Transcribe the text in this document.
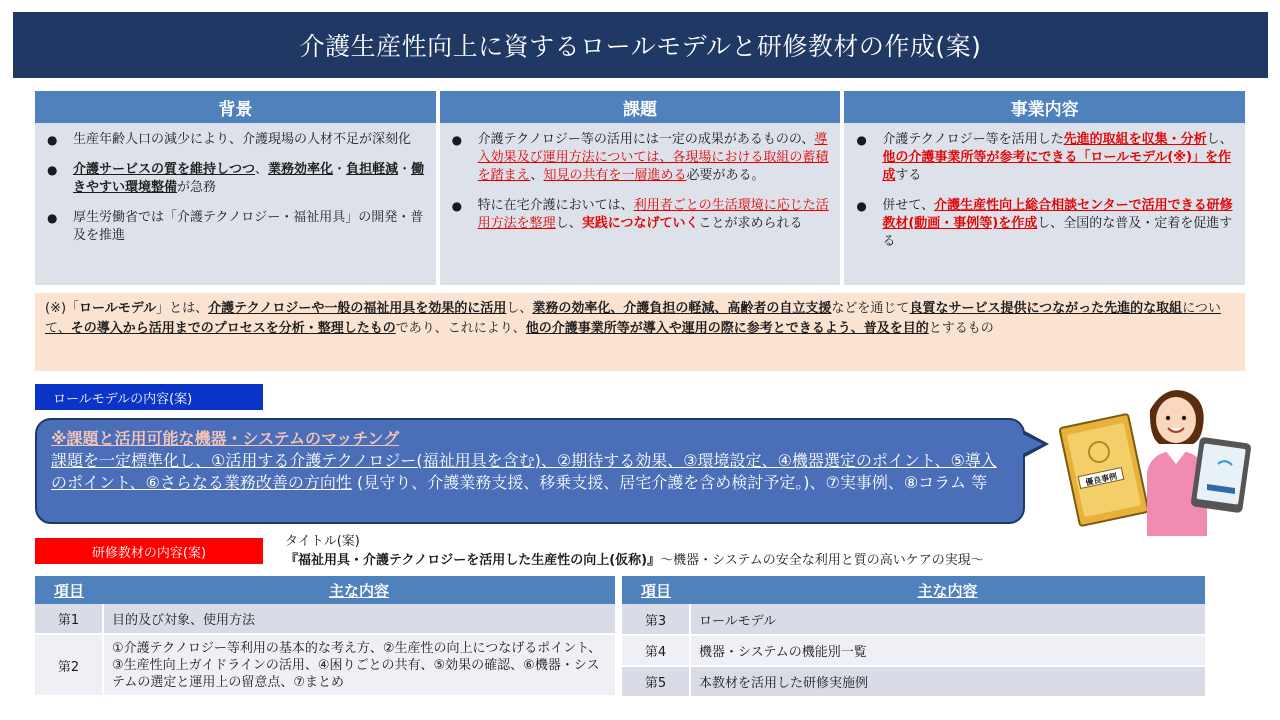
介護生産性向上に資するロールモデルと研修教材の作成(案)
背景
● 生産年齢人口の減少により、介護現場の人材不足が深刻化
● 介護サービスの質を維持しつつ、業務効率化・負担軽減・働きやすい環境整備が急務
● 厚生労働省では「介護テクノロジー・福祉用具」の開発・普及を推進
課題
● 介護テクノロジー等の活用には一定の成果があるものの、導入効果及び運用方法については、各現場における取組の蓄積を踏まえ、知見の共有を一層進める必要がある。
● 特に在宅介護においては、利用者ごとの生活環境に応じた活用方法を整理し、実践につなげていくことが求められる
事業内容
● 介護テクノロジー等を活用した先進的取組を収集・分析し、他の介護事業所等が参考にできる「ロールモデル(※)」を作成する
● 併せて、介護生産性向上総合相談センターで活用できる研修教材(動画・事例等)を作成し、全国的な普及・定着を促進する
(※)「ロールモデル」とは、介護テクノロジーや一般の福祉用具を効果的に活用し、業務の効率化、介護負担の軽減、高齢者の自立支援などを通じて良質なサービス提供につながった先進的な取組について、その導入から活用までのプロセスを分析・整理したものであり、これにより、他の介護事業所等が導入や運用の際に参考とできるよう、普及を目的とするもの
ロールモデルの内容(案)
※課題と活用可能な機器・システムのマッチング
課題を一定標準化し、①活用する介護テクノロジー(福祉用具を含む)、②期待する効果、③環境設定、④機器選定のポイント、⑤導入のポイント、⑥さらなる業務改善の方向性 (見守り、介護業務支援、移乗支援、居宅介護を含め検討予定。)、⑦実事例、⑧コラム 等	優良事例
研修教材の内容(案)
タイトル(案)
『福祉用具・介護テクノロジーを活用した生産性の向上(仮称)』〜機器・システムの安全な利用と質の高いケアの実現〜
項目	主な内容
第1	目的及び対象、使用方法
第2	①介護テクノロジー等利用の基本的な考え方、②生産性の向上につなげるポイント、③生産性向上ガイドラインの活用、④困りごとの共有、⑤効果の確認、⑥機器・システムの選定と運用上の留意点、⑦まとめ
項目	主な内容
第3	ロールモデル
第4	機器・システムの機能別一覧
第5	本教材を活用した研修実施例
